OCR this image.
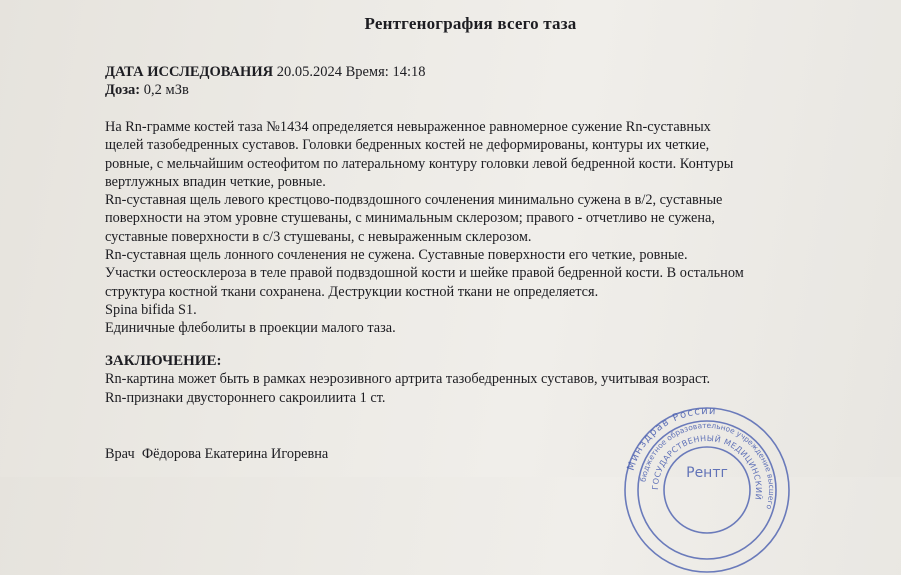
Рентгенография всего таза
ДАТА ИССЛЕДОВАНИЯ 20.05.2024 Время: 14:18
Доза: 0,2 мЗв
На Rn-грамме костей таза №1434 определяется невыраженное равномерное сужение Rn-суставных
щелей тазобедренных суставов. Головки бедренных костей не деформированы, контуры их четкие,
ровные, с мельчайшим остеофитом по латеральному контуру головки левой бедренной кости. Контуры
вертлужных впадин четкие, ровные.
Rn-суставная щель левого крестцово-подвздошного сочленения минимально сужена в в/2, суставные
поверхности на этом уровне стушеваны, с минимальным склерозом; правого - отчетливо не сужена,
суставные поверхности в с/3 стушеваны, с невыраженным склерозом.
Rn-суставная щель лонного сочленения не сужена. Суставные поверхности его четкие, ровные.
Участки остеосклероза в теле правой подвздошной кости и шейке правой бедренной кости. В остальном
структура костной ткани сохранена. Деструкции костной ткани не определяется.
Spina bifida S1.
Единичные флеболиты в проекции малого таза.
ЗАКЛЮЧЕНИЕ:
Rn-картина может быть в рамках неэрозивного артрита тазобедренных суставов, учитывая возраст.
Rn-признаки двустороннего сакроилиита 1 ст.
Врач Фёдорова Екатерина Игоревна
Минздрав России
бюджетное образовательное учреждение высшего
ГОСУДАРСТВЕННЫЙ МЕДИЦИНСКИЙ
Рентг
